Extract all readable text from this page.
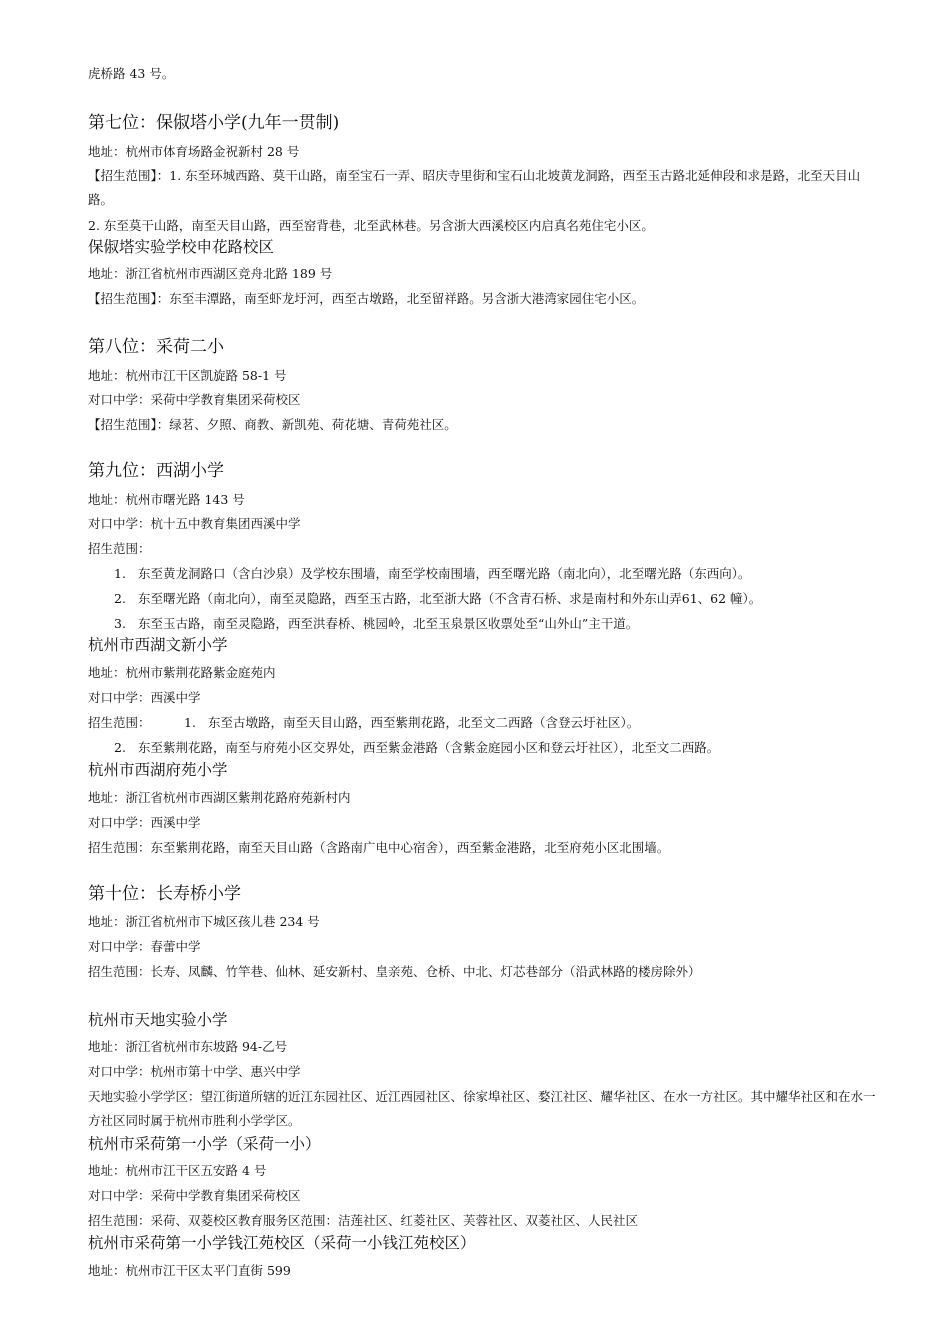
虎桥路 43 号。
第七位：保俶塔小学(九年一贯制)
地址：杭州市体育场路金祝新村 28 号
【招生范围】：1. 东至环城西路、莫干山路，南至宝石一弄、昭庆寺里街和宝石山北坡黄龙洞路，西至玉古路北延伸段和求是路，北至天目山路。
2. 东至莫干山路，南至天目山路，西至窑背巷，北至武林巷。另含浙大西溪校区内启真名苑住宅小区。
保俶塔实验学校申花路校区
地址：浙江省杭州市西湖区竞舟北路 189 号
【招生范围】：东至丰潭路，南至虾龙圩河，西至古墩路，北至留祥路。另含浙大港湾家园住宅小区。
第八位：采荷二小
地址：杭州市江干区凯旋路 58-1 号
对口中学：采荷中学教育集团采荷校区
【招生范围】：绿茗、夕照、商教、新凯苑、荷花塘、青荷苑社区。
第九位：西湖小学
地址：杭州市曙光路 143 号
对口中学：杭十五中教育集团西溪中学
招生范围：
1. 东至黄龙洞路口（含白沙泉）及学校东围墙，南至学校南围墙，西至曙光路（南北向），北至曙光路（东西向）。
2. 东至曙光路（南北向），南至灵隐路，西至玉古路，北至浙大路（不含青石桥、求是南村和外东山弄61、62 幢）。
3. 东至玉古路，南至灵隐路，西至洪春桥、桃园岭，北至玉泉景区收票处至“山外山”主干道。
杭州市西湖文新小学
地址：杭州市紫荆花路紫金庭苑内
对口中学：西溪中学
招生范围：	1. 东至古墩路，南至天目山路，西至紫荆花路，北至文二西路（含登云圩社区）。
2. 东至紫荆花路，南至与府苑小区交界处，西至紫金港路（含紫金庭园小区和登云圩社区），北至文二西路。
杭州市西湖府苑小学
地址：浙江省杭州市西湖区紫荆花路府苑新村内
对口中学：西溪中学
招生范围：东至紫荆花路，南至天目山路（含路南广电中心宿舍），西至紫金港路，北至府苑小区北围墙。
第十位：长寿桥小学
地址：浙江省杭州市下城区孩儿巷 234 号
对口中学：春蕾中学
招生范围：长寿、凤麟、竹竿巷、仙林、延安新村、皇亲苑、仓桥、中北、灯芯巷部分（沿武林路的楼房除外）
杭州市天地实验小学
地址：浙江省杭州市东坡路 94-乙号
对口中学：杭州市第十中学、惠兴中学
天地实验小学学区：望江街道所辖的近江东园社区、近江西园社区、徐家埠社区、婺江社区、耀华社区、在水一方社区。其中耀华社区和在水一方社区同时属于杭州市胜利小学学区。
杭州市采荷第一小学（采荷一小）
地址：杭州市江干区五安路 4 号
对口中学：采荷中学教育集团采荷校区
招生范围：采荷、双菱校区教育服务区范围：洁莲社区、红菱社区、芙蓉社区、双菱社区、人民社区
杭州市采荷第一小学钱江苑校区（采荷一小钱江苑校区）
地址：杭州市江干区太平门直街 599
